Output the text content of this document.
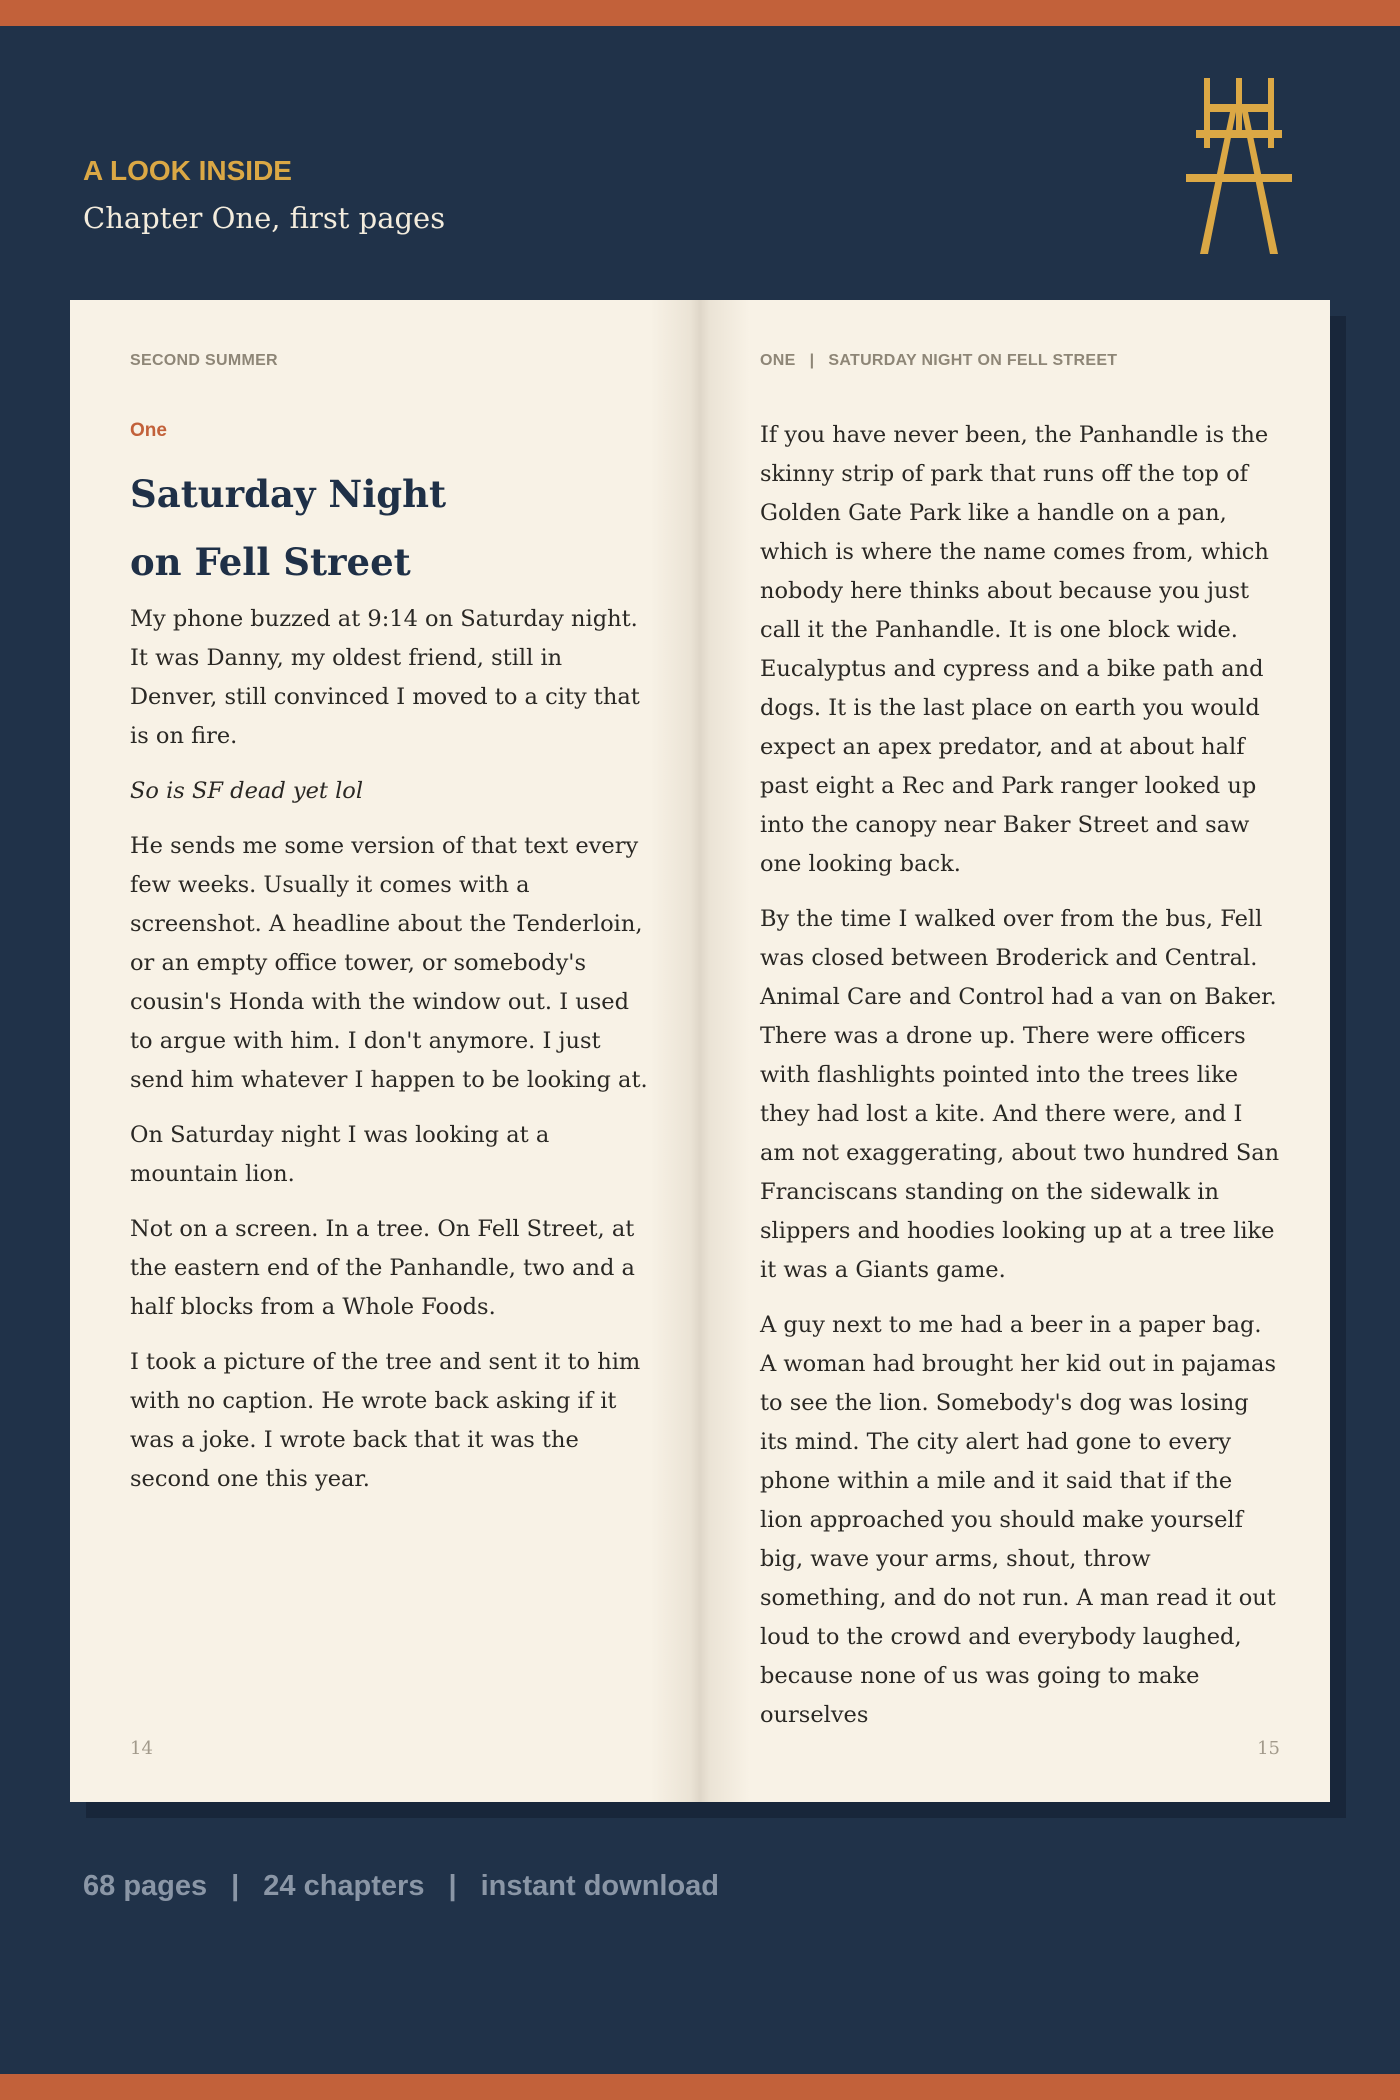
A LOOK INSIDE
Chapter One, first pages
SECOND SUMMER
One
Saturday Night
on Fell Street

My phone buzzed at 9:14 on Saturday night. It was Danny, my oldest friend, still in Denver, still convinced I moved to a city that is on fire.

So is SF dead yet lol

He sends me some version of that text every few weeks. Usually it comes with a screenshot. A headline about the Tenderloin, or an empty office tower, or somebody's cousin's Honda with the window out. I used to argue with him. I don't anymore. I just send him whatever I happen to be looking at.

On Saturday night I was looking at a mountain lion.

Not on a screen. In a tree. On Fell Street, at the eastern end of the Panhandle, two and a half blocks from a Whole Foods.

I took a picture of the tree and sent it to him with no caption. He wrote back asking if it was a joke. I wrote back that it was the second one this year.

14
ONE | SATURDAY NIGHT ON FELL STREET

If you have never been, the Panhandle is the skinny strip of park that runs off the top of Golden Gate Park like a handle on a pan, which is where the name comes from, which nobody here thinks about because you just call it the Panhandle. It is one block wide. Eucalyptus and cypress and a bike path and dogs. It is the last place on earth you would expect an apex predator, and at about half past eight a Rec and Park ranger looked up into the canopy near Baker Street and saw one looking back.

By the time I walked over from the bus, Fell was closed between Broderick and Central. Animal Care and Control had a van on Baker. There was a drone up. There were officers with flashlights pointed into the trees like they had lost a kite. And there were, and I am not exaggerating, about two hundred San Franciscans standing on the sidewalk in slippers and hoodies looking up at a tree like it was a Giants game.

A guy next to me had a beer in a paper bag. A woman had brought her kid out in pajamas to see the lion. Somebody's dog was losing its mind. The city alert had gone to every phone within a mile and it said that if the lion approached you should make yourself big, wave your arms, shout, throw something, and do not run. A man read it out loud to the crowd and everybody laughed, because none of us was going to make ourselves

15
68 pages | 24 chapters | instant download
